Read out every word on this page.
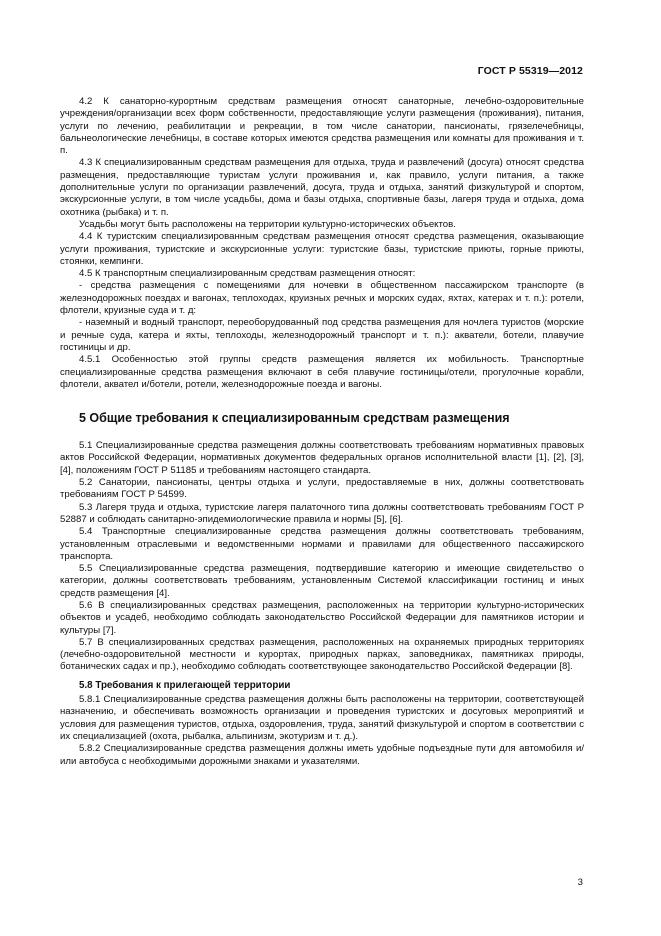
ГОСТ Р 55319—2012

4.2 К санаторно-курортным средствам размещения относят санаторные, лечебно-оздоровительные учреждения/организации всех форм собственности, предоставляющие услуги размещения (проживания), питания, услуги по лечению, реабилитации и рекреации, в том числе санатории, пансионаты, грязелечебницы, бальнеологические лечебницы, в составе которых имеются средства размещения или комнаты для проживания и т. п.

4.3 К специализированным средствам размещения для отдыха, труда и развлечений (досуга) относят средства размещения, предоставляющие туристам услуги проживания и, как правило, услуги питания, а также дополнительные услуги по организации развлечений, досуга, труда и отдыха, занятий физкультурой и спортом, экскурсионные услуги, в том числе усадьбы, дома и базы отдыха, спортивные базы, лагеря труда и отдыха, дома охотника (рыбака) и т. п.

Усадьбы могут быть расположены на территории культурно-исторических объектов.

4.4 К туристским специализированным средствам размещения относят средства размещения, оказывающие услуги проживания, туристские и экскурсионные услуги: туристские базы, туристские приюты, горные приюты, стоянки, кемпинги.

4.5 К транспортным специализированным средствам размещения относят:

- средства размещения с помещениями для ночевки в общественном пассажирском транспорте (в железнодорожных поездах и вагонах, теплоходах, круизных речных и морских судах, яхтах, катерах и т. п.): ротели, флотели, круизные суда и т. д:

- наземный и водный транспорт, переоборудованный под средства размещения для ночлега туристов (морские и речные суда, катера и яхты, теплоходы, железнодорожный транспорт и т. п.): акватели, ботели, плавучие гостиницы и др.

4.5.1 Особенностью этой группы средств размещения является их мобильность. Транспортные специализированные средства размещения включают в себя плавучие гостиницы/отели, прогулочные корабли, флотели, аквател и/ботели, ротели, железнодорожные поезда и вагоны.

5 Общие требования к специализированным средствам размещения

5.1 Специализированные средства размещения должны соответствовать требованиям нормативных правовых актов Российской Федерации, нормативных документов федеральных органов исполнительной власти [1], [2], [3], [4], положениям ГОСТ Р 51185 и требованиям настоящего стандарта.

5.2 Санатории, пансионаты, центры отдыха и услуги, предоставляемые в них, должны соответствовать требованиям ГОСТ Р 54599.

5.3 Лагеря труда и отдыха, туристские лагеря палаточного типа должны соответствовать требованиям ГОСТ Р 52887 и соблюдать санитарно-эпидемиологические правила и нормы [5], [6].

5.4 Транспортные специализированные средства размещения должны соответствовать требованиям, установленным отраслевыми и ведомственными нормами и правилами для общественного пассажирского транспорта.

5.5 Специализированные средства размещения, подтвердившие категорию и имеющие свидетельство о категории, должны соответствовать требованиям, установленным Системой классификации гостиниц и иных средств размещения [4].

5.6 В специализированных средствах размещения, расположенных на территории культурно-исторических объектов и усадеб, необходимо соблюдать законодательство Российской Федерации для памятников истории и культуры [7].

5.7 В специализированных средствах размещения, расположенных на охраняемых природных территориях (лечебно-оздоровительной местности и курортах, природных парках, заповедниках, памятниках природы, ботанических садах и пр.), необходимо соблюдать соответствующее законодательство Российской Федерации [8].

5.8 Требования к прилегающей территории

5.8.1 Специализированные средства размещения должны быть расположены на территории, соответствующей назначению, и обеспечивать возможность организации и проведения туристских и досуговых мероприятий и условия для размещения туристов, отдыха, оздоровления, труда, занятий физкультурой и спортом в соответствии с их специализацией (охота, рыбалка, альпинизм, экотуризм и т. д.).

5.8.2 Специализированные средства размещения должны иметь удобные подъездные пути для автомобиля и/или автобуса с необходимыми дорожными знаками и указателями.

3
